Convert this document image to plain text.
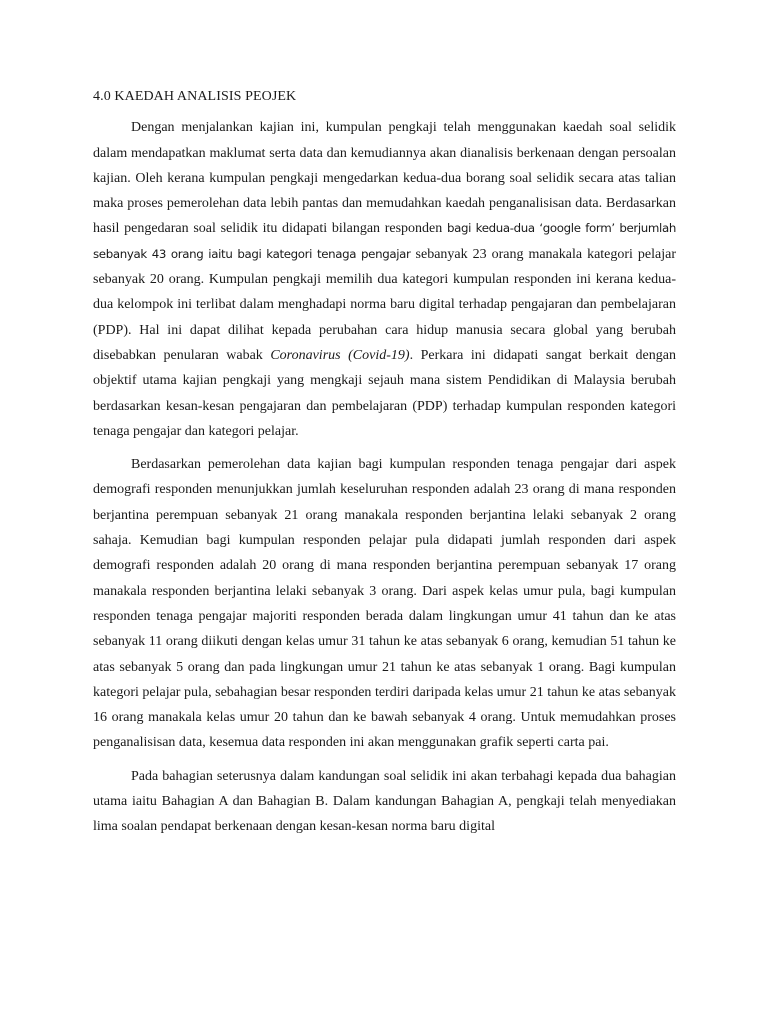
4.0 KAEDAH ANALISIS PEOJEK

Dengan menjalankan kajian ini, kumpulan pengkaji telah menggunakan kaedah soal selidik dalam mendapatkan maklumat serta data dan kemudiannya akan dianalisis berkenaan dengan persoalan kajian. Oleh kerana kumpulan pengkaji mengedarkan kedua-dua borang soal selidik secara atas talian maka proses pemerolehan data lebih pantas dan memudahkan kaedah penganalisisan data. Berdasarkan hasil pengedaran soal selidik itu didapati bilangan responden bagi kedua-dua ‘google form’ berjumlah sebanyak 43 orang iaitu bagi kategori tenaga pengajar sebanyak 23 orang manakala kategori pelajar sebanyak 20 orang. Kumpulan pengkaji memilih dua kategori kumpulan responden ini kerana kedua-dua kelompok ini terlibat dalam menghadapi norma baru digital terhadap pengajaran dan pembelajaran (PDP). Hal ini dapat dilihat kepada perubahan cara hidup manusia secara global yang berubah disebabkan penularan wabak Coronavirus (Covid-19). Perkara ini didapati sangat berkait dengan objektif utama kajian pengkaji yang mengkaji sejauh mana sistem Pendidikan di Malaysia berubah berdasarkan kesan-kesan pengajaran dan pembelajaran (PDP) terhadap kumpulan responden kategori tenaga pengajar dan kategori pelajar.

Berdasarkan pemerolehan data kajian bagi kumpulan responden tenaga pengajar dari aspek demografi responden menunjukkan jumlah keseluruhan responden adalah 23 orang di mana responden berjantina perempuan sebanyak 21 orang manakala responden berjantina lelaki sebanyak 2 orang sahaja. Kemudian bagi kumpulan responden pelajar pula didapati jumlah responden dari aspek demografi responden adalah 20 orang di mana responden berjantina perempuan sebanyak 17 orang manakala responden berjantina lelaki sebanyak 3 orang. Dari aspek kelas umur pula, bagi kumpulan responden tenaga pengajar majoriti responden berada dalam lingkungan umur 41 tahun dan ke atas sebanyak 11 orang diikuti dengan kelas umur 31 tahun ke atas sebanyak 6 orang, kemudian 51 tahun ke atas sebanyak 5 orang dan pada lingkungan umur 21 tahun ke atas sebanyak 1 orang. Bagi kumpulan kategori pelajar pula, sebahagian besar responden terdiri daripada kelas umur 21 tahun ke atas sebanyak 16 orang manakala kelas umur 20 tahun dan ke bawah sebanyak 4 orang. Untuk memudahkan proses penganalisisan data, kesemua data responden ini akan menggunakan grafik seperti carta pai.

Pada bahagian seterusnya dalam kandungan soal selidik ini akan terbahagi kepada dua bahagian utama iaitu Bahagian A dan Bahagian B. Dalam kandungan Bahagian A, pengkaji telah menyediakan lima soalan pendapat berkenaan dengan kesan-kesan norma baru digital
